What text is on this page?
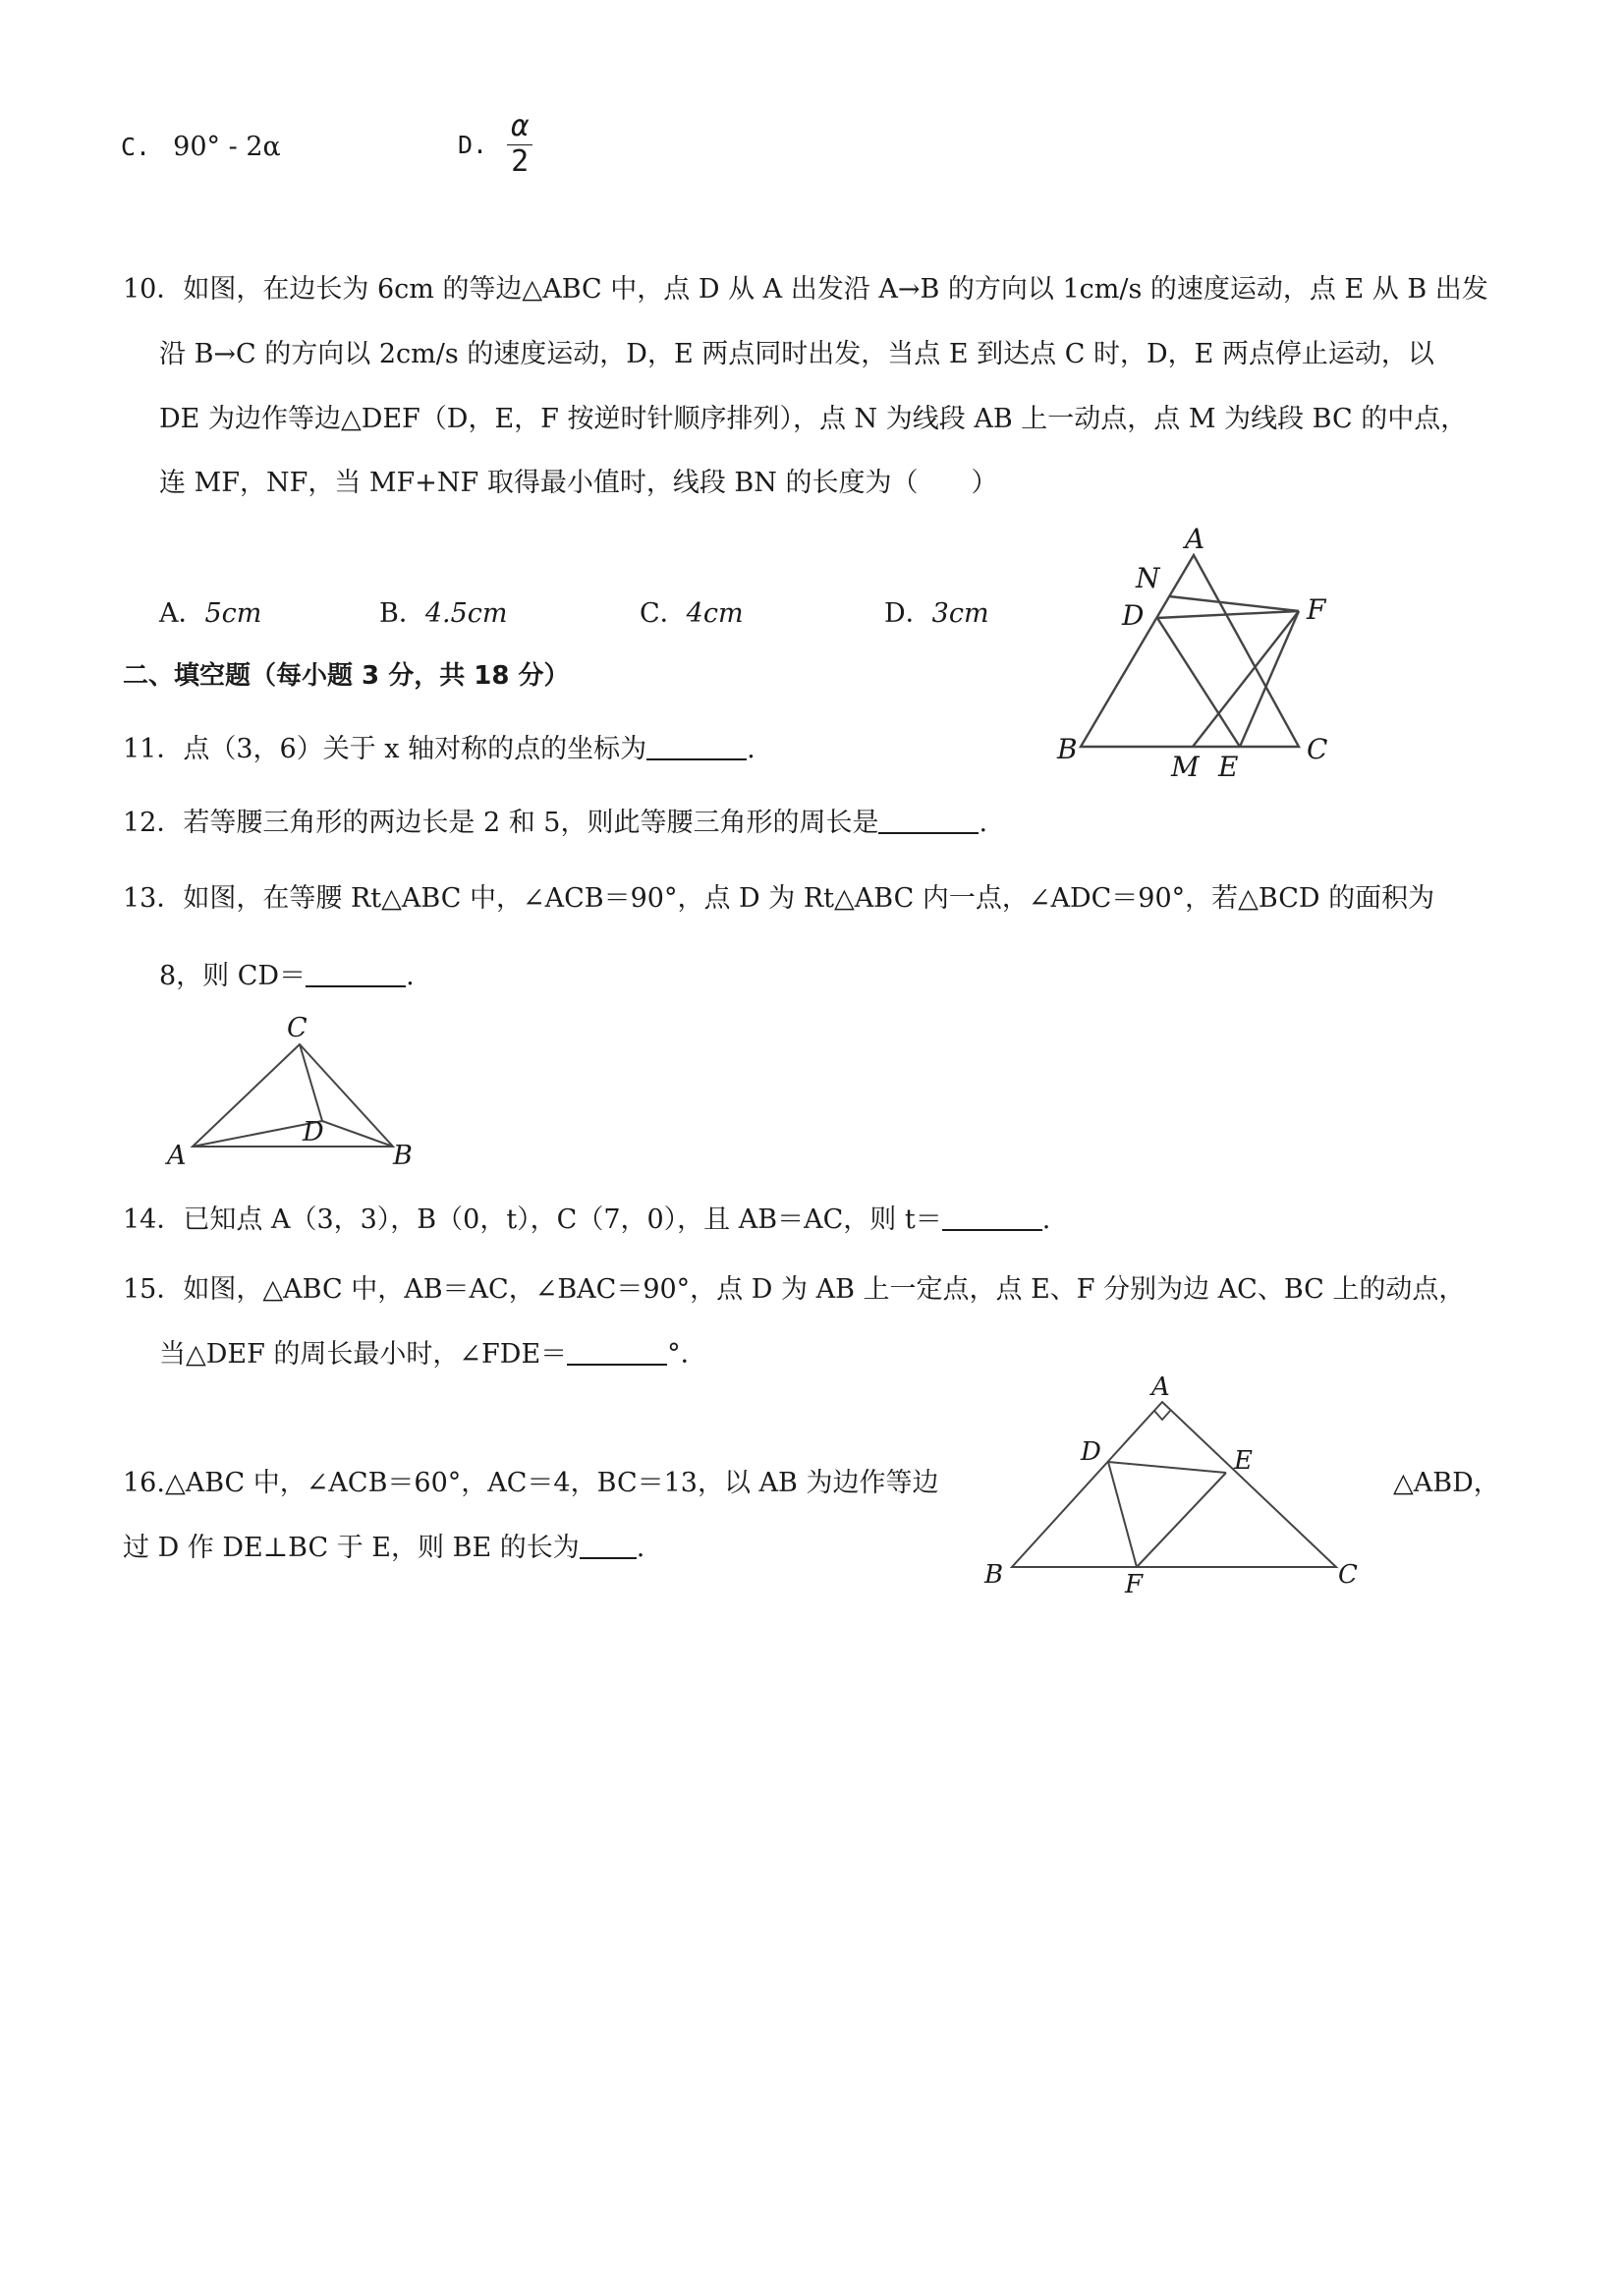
C. 90° - 2α	D. $\frac{\alpha}{2}$
10．如图，在边长为 6cm 的等边△ABC 中，点 D 从 A 出发沿 A→B 的方向以 1cm/s 的速度运动，点 E 从 B 出发
沿 B→C 的方向以 2cm/s 的速度运动，D，E 两点同时出发，当点 E 到达点 C 时，D，E 两点停止运动，以
DE 为边作等边△DEF（D，E，F 按逆时针顺序排列），点 N 为线段 AB 上一动点，点 M 为线段 BC 的中点，
连 MF，NF，当 MF+NF 取得最小值时，线段 BN 的长度为（　　）
A．5cm	B．4.5cm	C．4cm	D．3cm
A
N
D	F
B
M E
C
二、填空题（每小题 3 分，共 18 分）
11．点（3，6）关于 x 轴对称的点的坐标为	.
12．若等腰三角形的两边长是 2 和 5，则此等腰三角形的周长是	.
13．如图，在等腰 Rt△ABC 中，∠ACB＝90°，点 D 为 Rt△ABC 内一点，∠ADC＝90°，若△BCD 的面积为
8，则 CD＝	.
C
D
A	B
14．已知点 A（3，3），B（0，t），C（7，0），且 AB＝AC，则 t＝	.
15．如图，△ABC 中，AB＝AC，∠BAC＝90°，点 D 为 AB 上一定点，点 E、F 分别为边 AC、BC 上的动点，
当△DEF 的周长最小时，∠FDE＝	°．
A
D	E
B	F	C
16.△ABC 中，∠ACB＝60°，AC＝4，BC＝13，以 AB 为边作等边	△ABD，
过 D 作 DE⊥BC 于 E，则 BE 的长为 .
